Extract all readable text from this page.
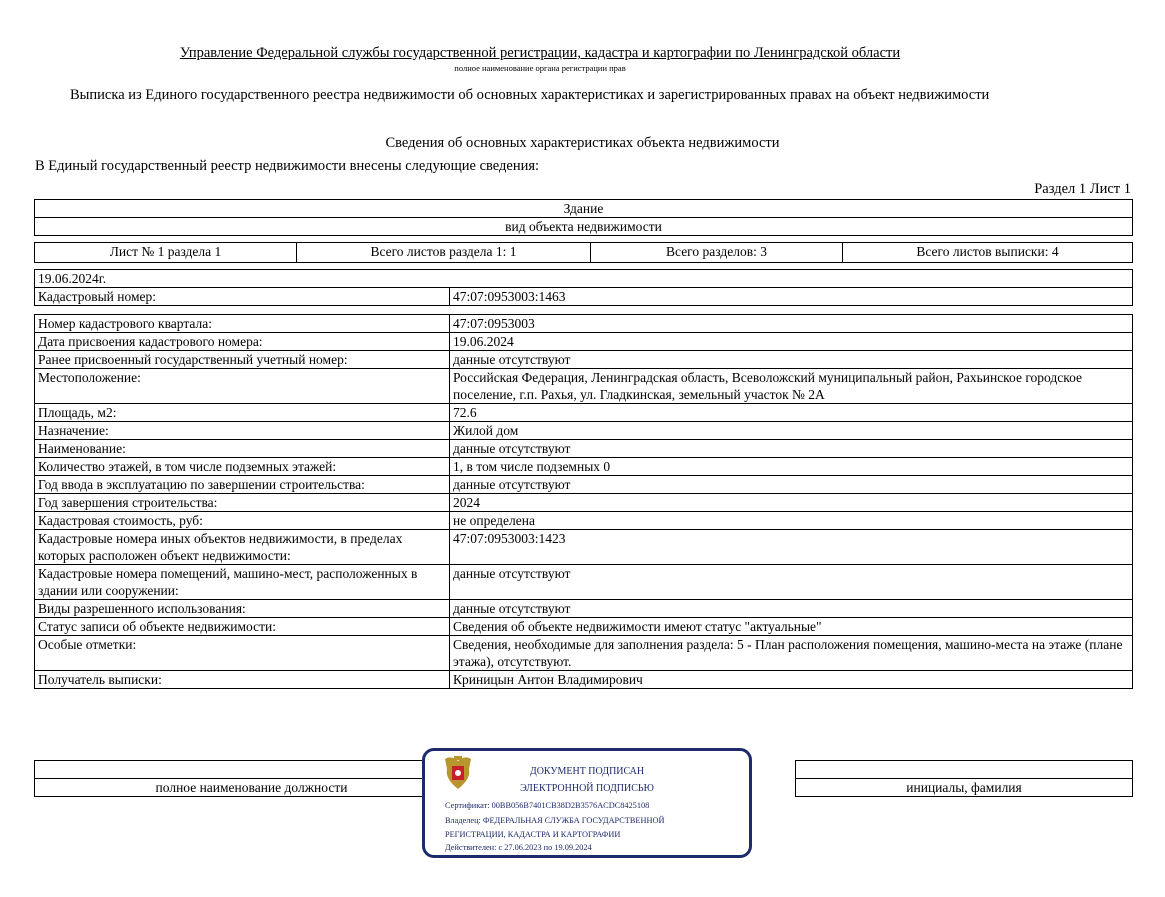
Управление Федеральной службы государственной регистрации, кадастра и картографии по Ленинградской области
полное наименование органа регистрации прав
Выписка из Единого государственного реестра недвижимости об основных характеристиках и зарегистрированных правах на объект недвижимости
Сведения об основных характеристиках объекта недвижимости
В Единый государственный реестр недвижимости внесены следующие сведения:
Раздел 1 Лист 1
Здание
вид объекта недвижимости
Лист № 1 раздела 1	Всего листов раздела 1: 1	Всего разделов: 3	Всего листов выписки: 4
19.06.2024г.
Кадастровый номер:	47:07:0953003:1463
Номер кадастрового квартала:	47:07:0953003
Дата присвоения кадастрового номера:	19.06.2024
Ранее присвоенный государственный учетный номер:	данные отсутствуют
Местоположение:	Российская Федерация, Ленинградская область, Всеволожский муниципальный район, Рахьинское городское поселение, г.п. Рахья, ул. Гладкинская, земельный участок № 2А
Площадь, м2:	72.6
Назначение:	Жилой дом
Наименование:	данные отсутствуют
Количество этажей, в том числе подземных этажей:	1, в том числе подземных 0
Год ввода в эксплуатацию по завершении строительства:	данные отсутствуют
Год завершения строительства:	2024
Кадастровая стоимость, руб:	не определена
Кадастровые номера иных объектов недвижимости, в пределах которых расположен объект недвижимости:	47:07:0953003:1423
Кадастровые номера помещений, машино-мест, расположенных в здании или сооружении:	данные отсутствуют
Виды разрешенного использования:	данные отсутствуют
Статус записи об объекте недвижимости:	Сведения об объекте недвижимости имеют статус "актуальные"
Особые отметки:	Сведения, необходимые для заполнения раздела: 5 - План расположения помещения, машино-места на этаже (плане этажа), отсутствуют.
Получатель выписки:	Криницын Антон Владимирович

полное наименование должности		инициалы, фамилия
ДОКУМЕНТ ПОДПИСАН
ЭЛЕКТРОННОЙ ПОДПИСЬЮ
Сертификат: 00BB056B7401CB38D2B3576ACDC8425108
Владелец: ФЕДЕРАЛЬНАЯ СЛУЖБА ГОСУДАРСТВЕННОЙ
РЕГИСТРАЦИИ, КАДАСТРА И КАРТОГРАФИИ
Действителен: с 27.06.2023 по 19.09.2024
